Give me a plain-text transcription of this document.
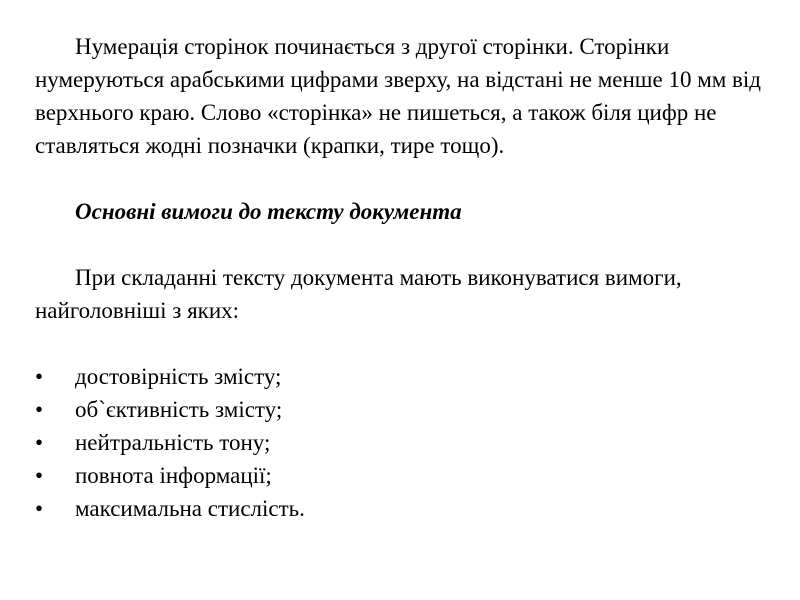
Нумерація сторінок починається з другої сторінки. Сторінки нумеруються арабськими цифрами зверху, на відстані не менше 10 мм від верхнього краю. Слово «сторінка» не пишеться, а також біля цифр не ставляться жодні позначки (крапки, тире тощо).

Основні вимоги до тексту документа

При складанні тексту документа мають виконуватися вимоги, найголовніші з яких:

•	достовірність змісту;
•	об`єктивність змісту;
•	нейтральність тону;
•	повнота інформації;
•	максимальна стислість.
